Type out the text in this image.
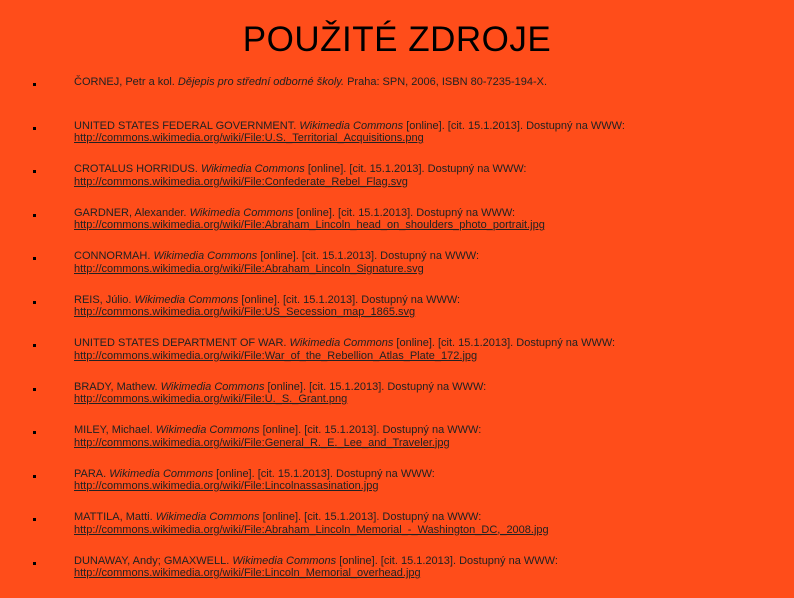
POUŽITÉ ZDROJE
ČORNEJ, Petr a kol. Dějepis pro střední odborné školy. Praha: SPN, 2006, ISBN 80-7235-194-X.
UNITED STATES FEDERAL GOVERNMENT. Wikimedia Commons [online]. [cit. 15.1.2013]. Dostupný na WWW:
http://commons.wikimedia.org/wiki/File:U.S._Territorial_Acquisitions.png
CROTALUS HORRIDUS. Wikimedia Commons [online]. [cit. 15.1.2013]. Dostupný na WWW:
http://commons.wikimedia.org/wiki/File:Confederate_Rebel_Flag.svg
GARDNER, Alexander. Wikimedia Commons [online]. [cit. 15.1.2013]. Dostupný na WWW:
http://commons.wikimedia.org/wiki/File:Abraham_Lincoln_head_on_shoulders_photo_portrait.jpg
CONNORMAH. Wikimedia Commons [online]. [cit. 15.1.2013]. Dostupný na WWW:
http://commons.wikimedia.org/wiki/File:Abraham_Lincoln_Signature.svg
REIS, Júlio. Wikimedia Commons [online]. [cit. 15.1.2013]. Dostupný na WWW:
http://commons.wikimedia.org/wiki/File:US_Secession_map_1865.svg
UNITED STATES DEPARTMENT OF WAR. Wikimedia Commons [online]. [cit. 15.1.2013]. Dostupný na WWW:
http://commons.wikimedia.org/wiki/File:War_of_the_Rebellion_Atlas_Plate_172.jpg
BRADY, Mathew. Wikimedia Commons [online]. [cit. 15.1.2013]. Dostupný na WWW:
http://commons.wikimedia.org/wiki/File:U._S._Grant.png
MILEY, Michael. Wikimedia Commons [online]. [cit. 15.1.2013]. Dostupný na WWW:
http://commons.wikimedia.org/wiki/File:General_R._E._Lee_and_Traveler.jpg
PARA. Wikimedia Commons [online]. [cit. 15.1.2013]. Dostupný na WWW:
http://commons.wikimedia.org/wiki/File:Lincolnassasination.jpg
MATTILA, Matti. Wikimedia Commons [online]. [cit. 15.1.2013]. Dostupný na WWW:
http://commons.wikimedia.org/wiki/File:Abraham_Lincoln_Memorial_-_Washington_DC,_2008.jpg
DUNAWAY, Andy; GMAXWELL. Wikimedia Commons [online]. [cit. 15.1.2013]. Dostupný na WWW:
http://commons.wikimedia.org/wiki/File:Lincoln_Memorial_overhead.jpg
